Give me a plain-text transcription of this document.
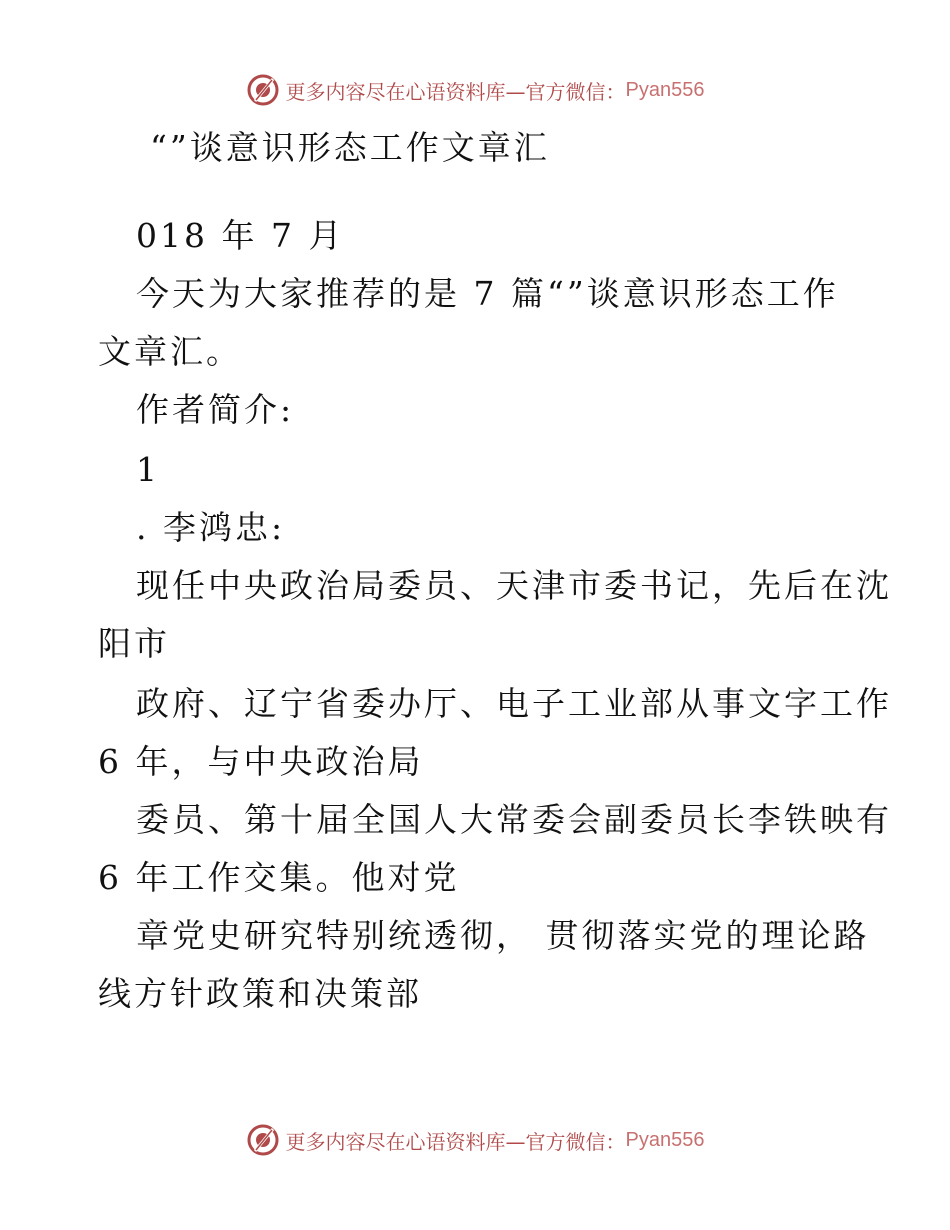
更多内容尽在心语资料库—官方微信： Pyan556
“”谈意识形态工作文章汇
018 年 7 月
今天为大家推荐的是 7 篇“”谈意识形态工作
文章汇。
作者简介:
1
. 李鸿忠:
现任中央政治局委员、天津市委书记，先后在沈
阳市
政府、辽宁省委办厅、电子工业部从事文字工作
6 年，与中央政治局
委员、第十届全国人大常委会副委员长李铁映有
6 年工作交集。他对党
章党史研究特别统透彻， 贯彻落实党的理论路
线方针政策和决策部
更多内容尽在心语资料库—官方微信： Pyan556
